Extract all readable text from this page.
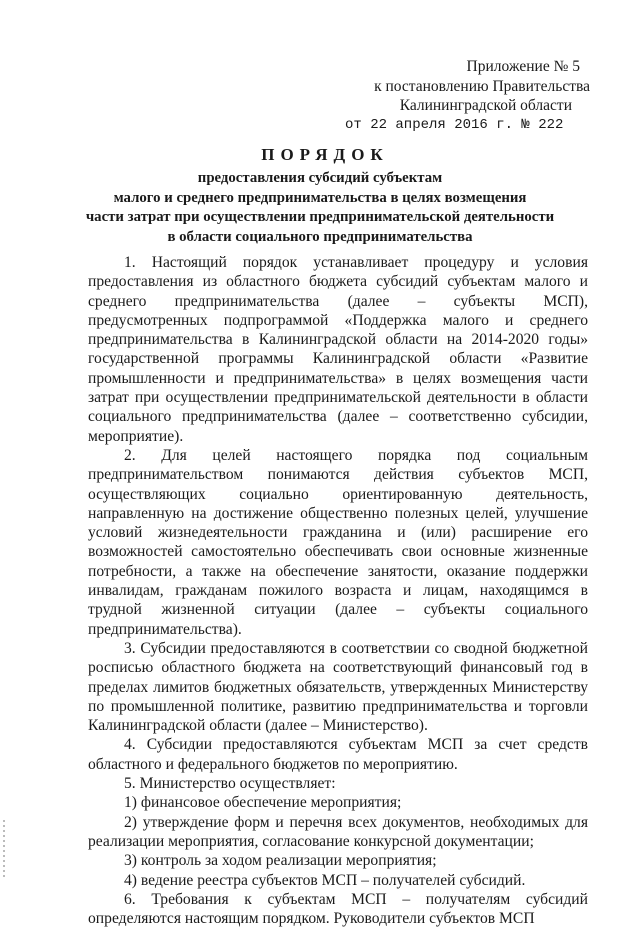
Приложение № 5
к постановлению Правительства
Калининградской области
от 22 апреля 2016 г. № 222
ПОРЯДОК
предоставления субсидий субъектам
малого и среднего предпринимательства в целях возмещения
части затрат при осуществлении предпринимательской деятельности
в области социального предпринимательства

1. Настоящий порядок устанавливает процедуру и условия предоставления из областного бюджета субсидий субъектам малого и среднего предпринимательства (далее – субъекты МСП), предусмотренных подпрограммой «Поддержка малого и среднего предпринимательства в Калининградской области на 2014-2020 годы» государственной программы Калининградской области «Развитие промышленности и предпринимательства» в целях возмещения части затрат при осуществлении предпринимательской деятельности в области социального предпринимательства (далее – соответственно субсидии, мероприятие).

2. Для целей настоящего порядка под социальным предпринимательством понимаются действия субъектов МСП, осуществляющих социально ориентированную деятельность, направленную на достижение общественно полезных целей, улучшение условий жизнедеятельности гражданина и (или) расширение его возможностей самостоятельно обеспечивать свои основные жизненные потребности, а также на обеспечение занятости, оказание поддержки инвалидам, гражданам пожилого возраста и лицам, находящимся в трудной жизненной ситуации (далее – субъекты социального предпринимательства).

3. Субсидии предоставляются в соответствии со сводной бюджетной росписью областного бюджета на соответствующий финансовый год в пределах лимитов бюджетных обязательств, утвержденных Министерству по промышленной политике, развитию предпринимательства и торговли Калининградской области (далее – Министерство).

4. Субсидии предоставляются субъектам МСП за счет средств областного и федерального бюджетов по мероприятию.

5. Министерство осуществляет:

1) финансовое обеспечение мероприятия;

2) утверждение форм и перечня всех документов, необходимых для реализации мероприятия, согласование конкурсной документации;

3) контроль за ходом реализации мероприятия;

4) ведение реестра субъектов МСП – получателей субсидий.

6. Требования к субъектам МСП – получателям субсидий определяются настоящим порядком. Руководители субъектов МСП
